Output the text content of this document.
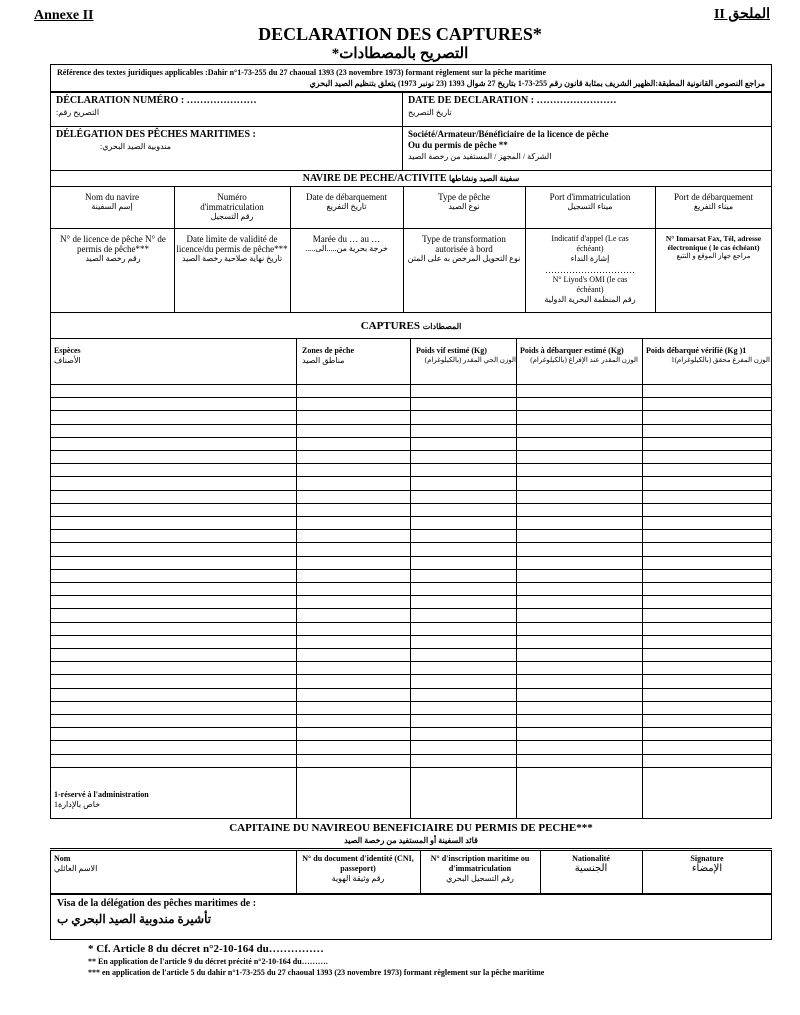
Annexe II	الملحق II
DECLARATION DES CAPTURES*
التصريح بالمصطادات*
Référence des textes juridiques applicables :Dahir n°1-73-255 du 27 chaoual 1393 (23 novembre 1973) formant règlement sur la pêche maritime
مراجع النصوص القانونية المطبقة:الظهير الشريف بمثابة قانون رقم 255-73-1 بتاريخ 27 شوال 1393 (23 نونبر 1973) يتعلق بتنظيم الصيد البحري
DÉCLARATION NUMÉRO : …………………
التصريح رقم:
DATE DE DECLARATION : ……………………
تاريخ التصريح
DÉLÉGATION DES PÊCHES MARITIMES :
مندوبية الصيد البحري:
Société/Armateur/Bénéficiaire de la licence de pêche
Ou du permis de pêche **
الشركة / المجهز / المستفيد من رخصة الصيد
NAVIRE DE PECHE/ACTIVITE سفينة الصيد ونشاطها
Nom du navire
إسم السفينة
Numéro d'immatriculation
رقم التسجيل
Date de débarquement
تاريخ التفريغ
Type de pêche
نوع الصيد
Port d'immatriculation
ميناء التسجيل
Port de débarquement
ميناء التفريغ
N° de licence de pêche N° de permis de pêche***
رقم رخصة الصيد
Date limite de validité de licence/du permis de pêche***
تاريخ نهاية صلاحية رخصة الصيد
Marée du … au …
خرجة بحرية من.....الى.....
Type de transformation autorisée à bord
نوع التحويل المرخص به على المتن
Indicatif d'appel (Le cas échéant)
إشارة النداء
…………………………
N° Liyod's OMI (le cas échéant)
رقم المنظمة البحرية الدولية
N° Inmarsat Fax, Tél, adresse électronique ( le cas échéant)
مراجع جهاز الموقع و التتبع
CAPTURES المصطادات
Espèces
الأصناف
Zones de pêche
مناطق الصيد
Poids vif estimé (Kg)
الوزن الحي المقدر (بالكيلوغرام)
Poids à débarquer estimé (Kg)
الوزن المقدر عند الإفراغ (بالكيلوغرام)
Poids débarqué vérifié (Kg )1
الوزن المفرغ محقق (بالكيلوغرام)1
1-réservé à l'administration
خاص بالإدارة1
CAPITAINE DU NAVIREOU BENEFICIAIRE DU PERMIS DE PECHE***
قائد السفينة أو المستفيد من رخصة الصيد
Nom
الاسم العائلي
N° du document d'identité (CNI, passeport)
رقم وثيقة الهوية
N° d'inscription maritime ou d'immatriculation
رقم التسجيل البحري
Nationalité
الجنسية
Signature
الإمضاء
Visa de la délégation des pêches maritimes de :
تأشيرة مندوبية الصيد البحري ب
* Cf. Article 8 du décret n°2-10-164 du……………
** En application de l'article 9 du décret précité n°2-10-164 du……….
*** en application de l'article 5 du dahir n°1-73-255 du 27 chaoual 1393 (23 novembre 1973) formant règlement sur la pêche maritime
